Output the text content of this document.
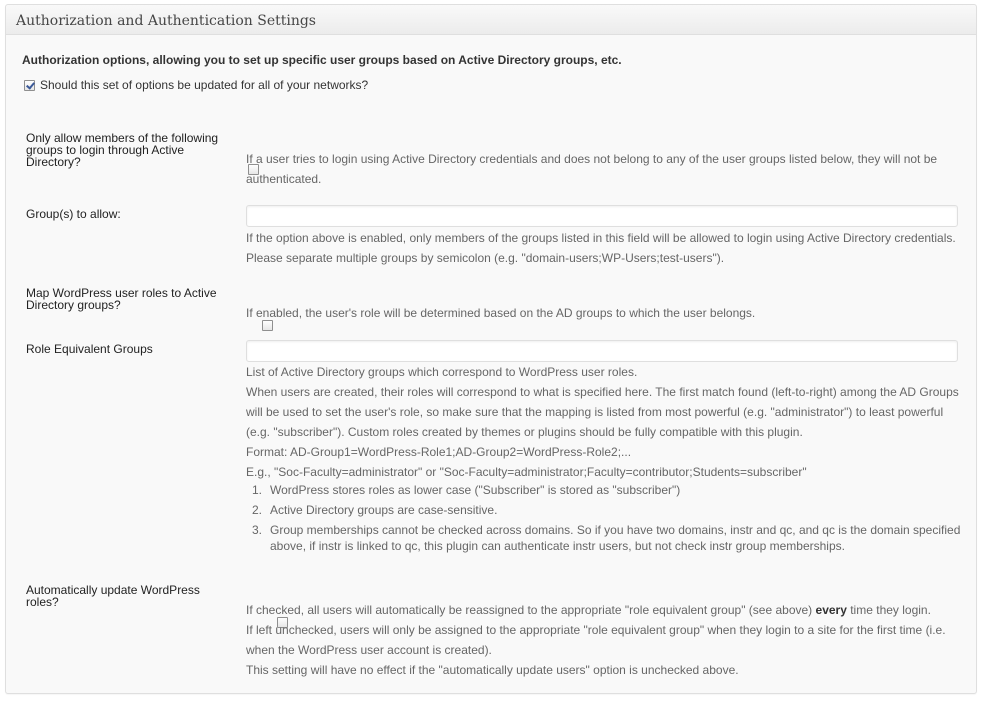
Authorization and Authentication Settings
Authorization options, allowing you to set up specific user groups based on Active Directory groups, etc.
Should this set of options be updated for all of your networks?
Only allow members of the following groups to login through Active Directory?
	If a user tries to login using Active Directory credentials and does not belong to any of the user groups listed below, they will not be authenticated.
Group(s) to allow:
If the option above is enabled, only members of the groups listed in this field will be allowed to login using Active Directory credentials. Please separate multiple groups by semicolon (e.g. "domain-users;WP-Users;test-users").
Map WordPress user roles to Active Directory groups?

If enabled, the user's role will be determined based on the AD groups to which the user belongs.
Role Equivalent Groups
List of Active Directory groups which correspond to WordPress user roles.
When users are created, their roles will correspond to what is specified here. The first match found (left-to-right) among the AD Groups will be used to set the user's role, so make sure that the mapping is listed from most powerful (e.g. "administrator") to least powerful (e.g. "subscriber"). Custom roles created by themes or plugins should be fully compatible with this plugin.
Format: AD-Group1=WordPress-Role1;AD-Group2=WordPress-Role2;...
E.g., "Soc-Faculty=administrator" or "Soc-Faculty=administrator;Faculty=contributor;Students=subscriber"
1. WordPress stores roles as lower case ("Subscriber" is stored as "subscriber")
2. Active Directory groups are case-sensitive.
3. Group memberships cannot be checked across domains. So if you have two domains, instr and qc, and qc is the domain specified above, if instr is linked to qc, this plugin can authenticate instr users, but not check instr group memberships.
Automatically update WordPress roles?
If checked, all users will automatically be reassigned to the appropriate "role equivalent group" (see above) every time they login.
If left unchecked, users will only be assigned to the appropriate "role equivalent group" when they login to a site for the first time (i.e. when the WordPress user account is created).
This setting will have no effect if the "automatically update users" option is unchecked above.
